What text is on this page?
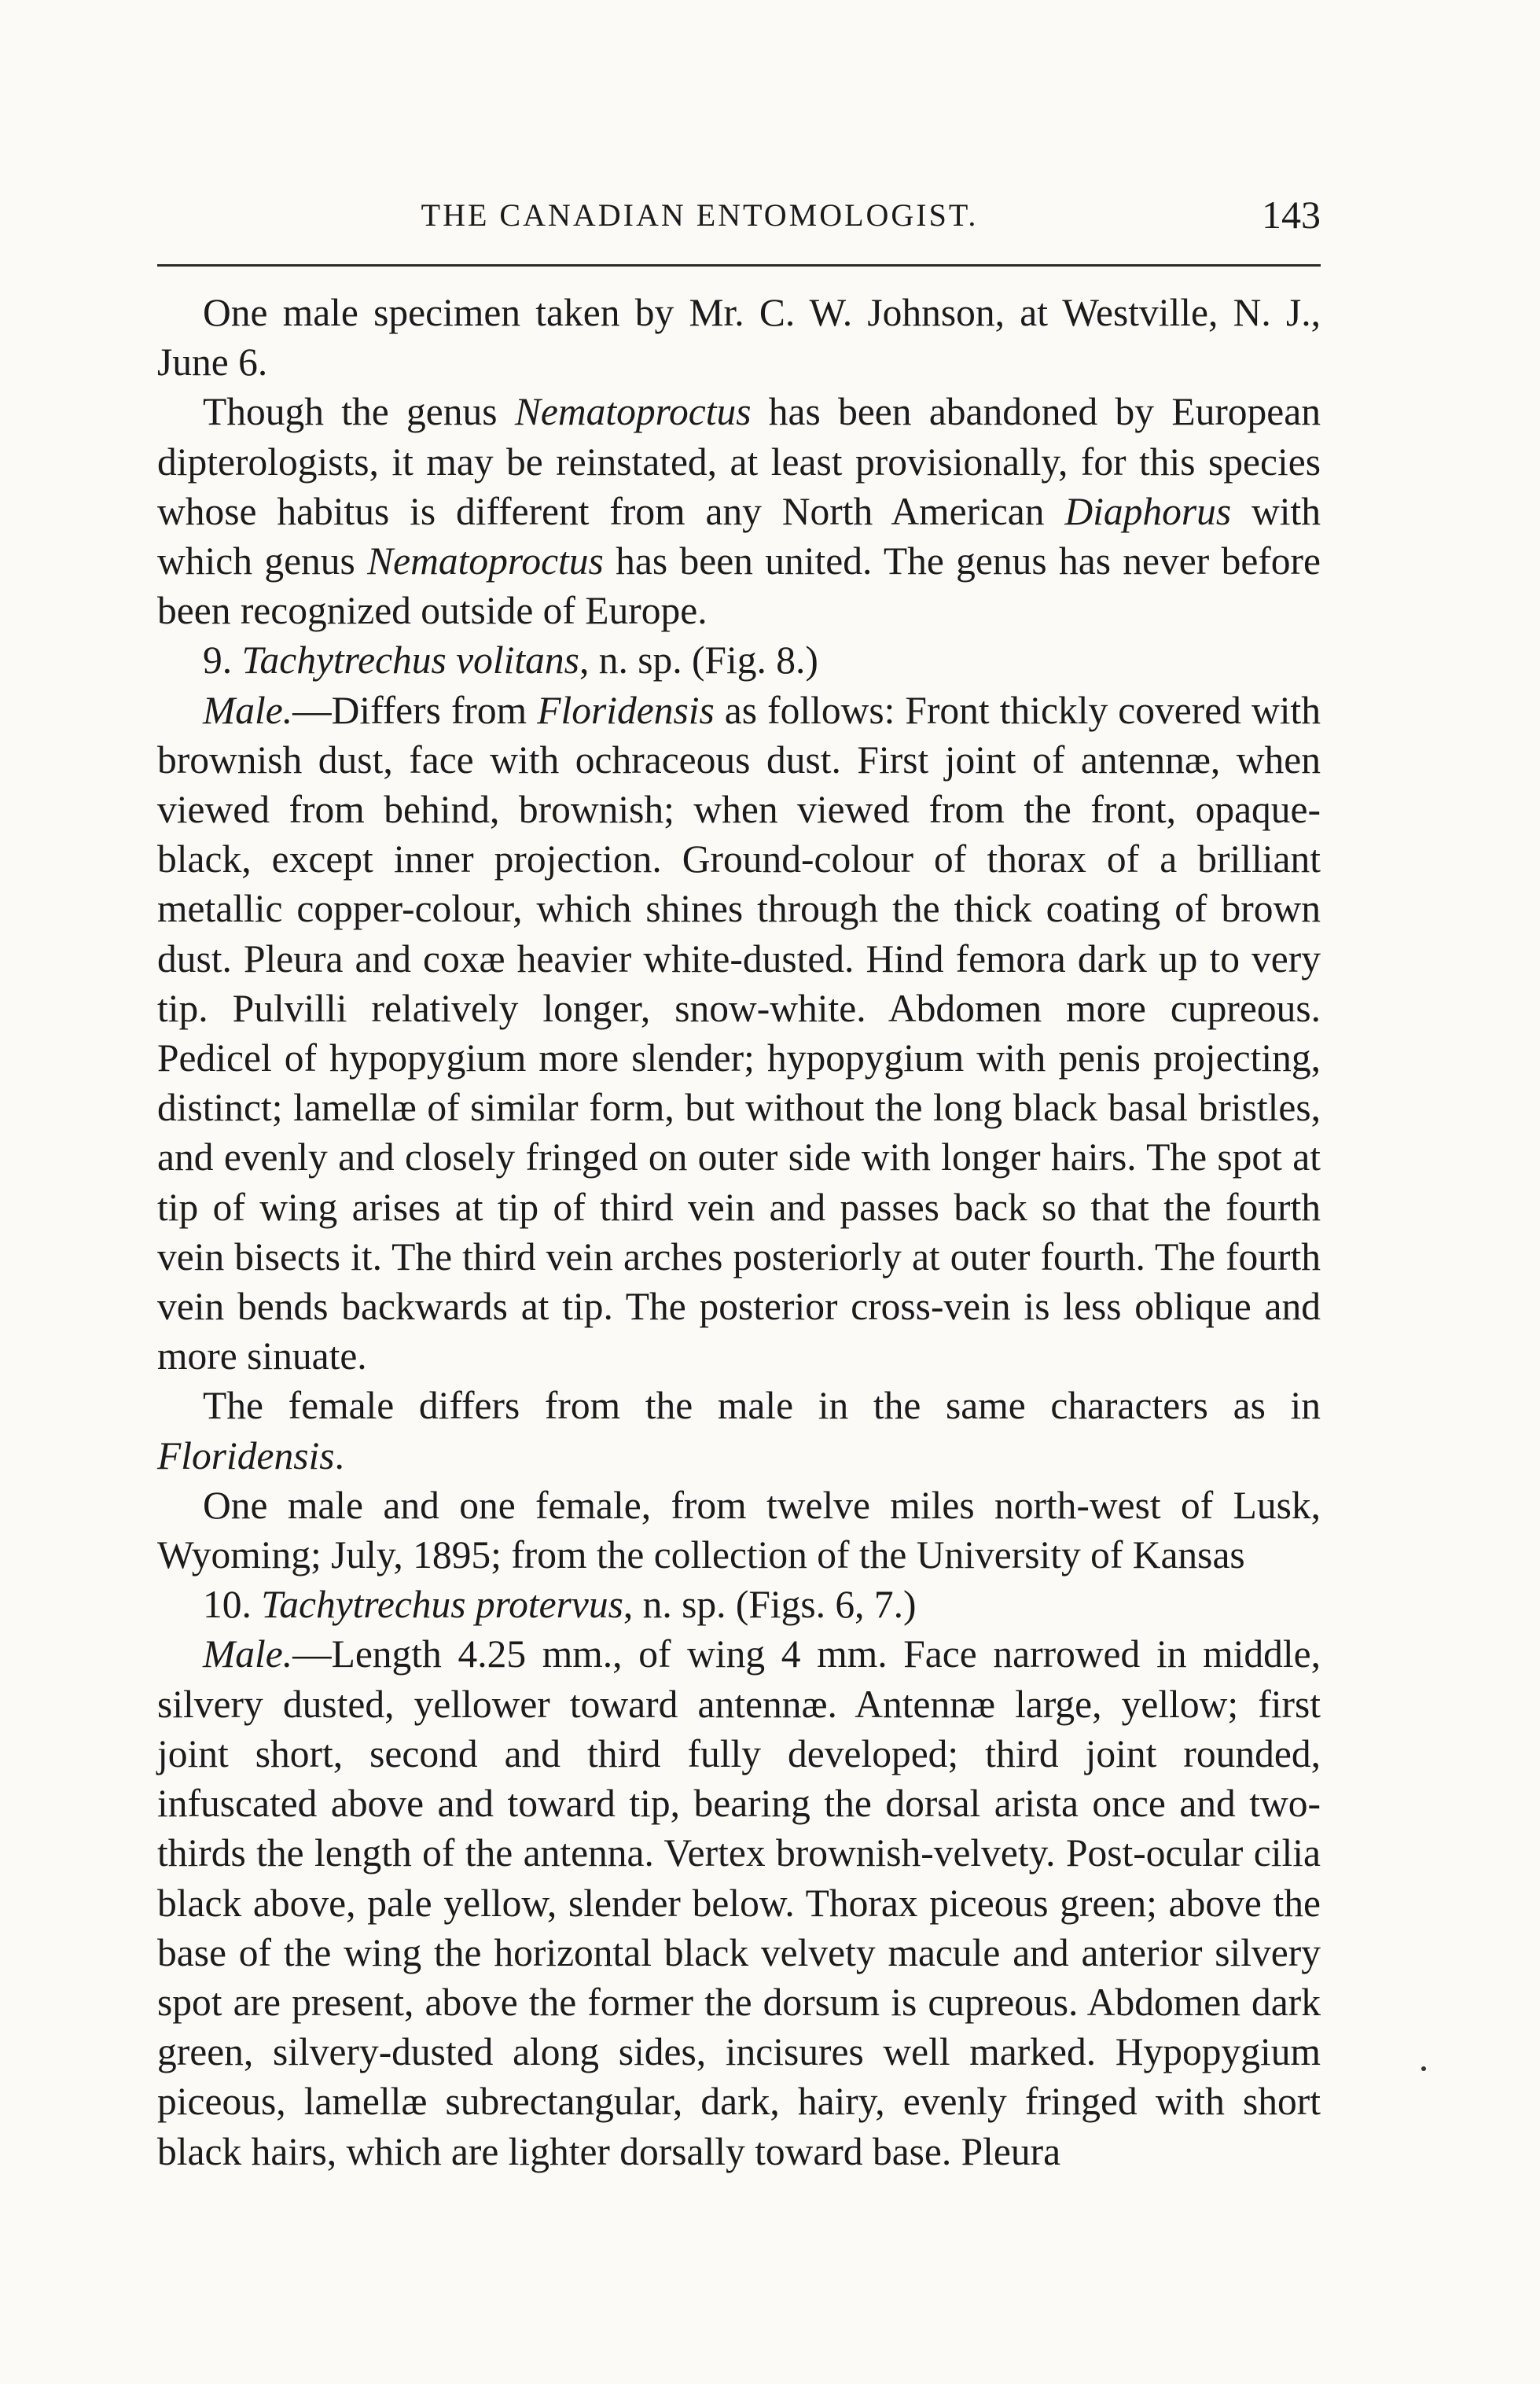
THE CANADIAN ENTOMOLOGIST.	143

One male specimen taken by Mr. C. W. Johnson, at Westville, N. J., June 6.

Though the genus Nematoproctus has been abandoned by European dipterologists, it may be reinstated, at least provisionally, for this species whose habitus is different from any North American Diaphorus with which genus Nematoproctus has been united. The genus has never before been recognized outside of Europe.

9. Tachytrechus volitans, n. sp. (Fig. 8.)

Male.—Differs from Floridensis as follows: Front thickly covered with brownish dust, face with ochraceous dust. First joint of antennæ, when viewed from behind, brownish; when viewed from the front, opaque-black, except inner projection. Ground-colour of thorax of a brilliant metallic copper-colour, which shines through the thick coating of brown dust. Pleura and coxæ heavier white-dusted. Hind femora dark up to very tip. Pulvilli relatively longer, snow-white. Abdomen more cupreous. Pedicel of hypopygium more slender; hypopygium with penis projecting, distinct; lamellæ of similar form, but without the long black basal bristles, and evenly and closely fringed on outer side with longer hairs. The spot at tip of wing arises at tip of third vein and passes back so that the fourth vein bisects it. The third vein arches posteriorly at outer fourth. The fourth vein bends backwards at tip. The posterior cross-vein is less oblique and more sinuate.

The female differs from the male in the same characters as in Floridensis.

One male and one female, from twelve miles north-west of Lusk, Wyoming; July, 1895; from the collection of the University of Kansas

10. Tachytrechus protervus, n. sp. (Figs. 6, 7.)

Male.—Length 4.25 mm., of wing 4 mm. Face narrowed in middle, silvery dusted, yellower toward antennæ. Antennæ large, yellow; first joint short, second and third fully developed; third joint rounded, infuscated above and toward tip, bearing the dorsal arista once and two-thirds the length of the antenna. Vertex brownish-velvety. Post-ocular cilia black above, pale yellow, slender below. Thorax piceous green; above the base of the wing the horizontal black velvety macule and anterior silvery spot are present, above the former the dorsum is cupreous. Abdomen dark green, silvery-dusted along sides, incisures well marked. Hypopygium piceous, lamellæ subrectangular, dark, hairy, evenly fringed with short black hairs, which are lighter dorsally toward base. Pleura
